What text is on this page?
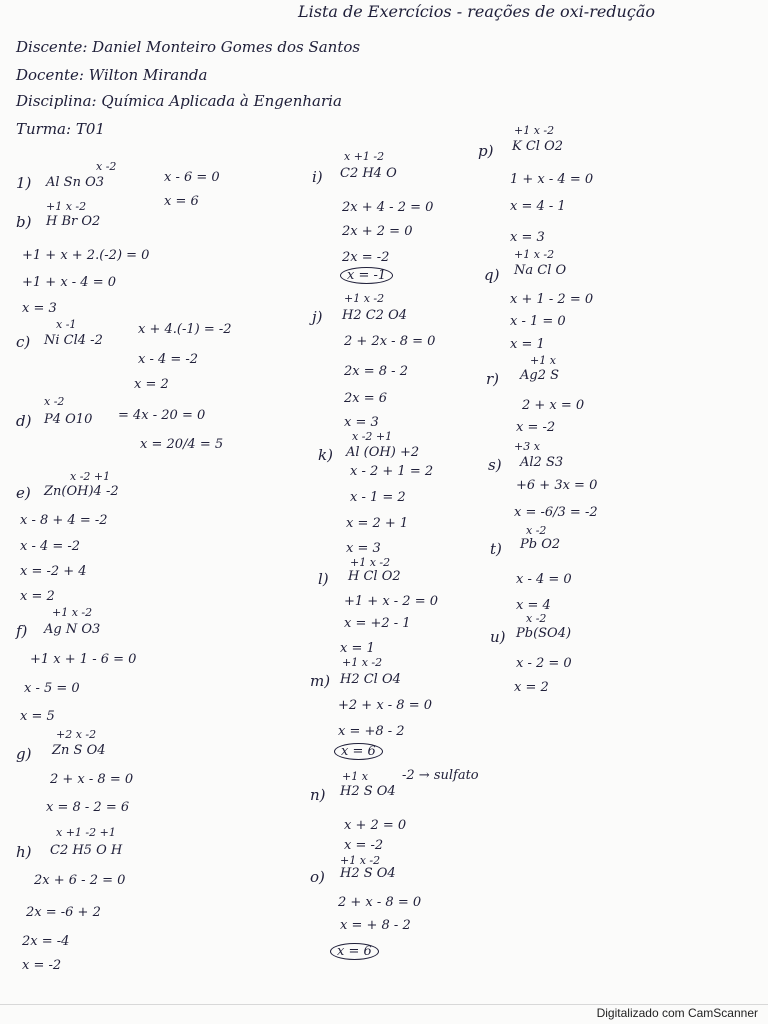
Lista de Exercícios - reações de oxi-redução
Discente: Daniel Monteiro Gomes dos Santos
Docente: Wilton Miranda
Disciplina: Química Aplicada à Engenharia
Turma: T01
x -2
1) Al Sn O3	x - 6 = 0
x = 6
+1 x -2
b) H Br O2
+1 + x + 2.(-2) = 0
+1 + x - 4 = 0
x = 3
x -1
c) Ni Cl4 -2
x + 4.(-1) = -2
x - 4 = -2
x = 2
x -2
d) P4 O10 = 4x - 20 = 0
x = 20/4 = 5
x -2 +1
e) Zn(OH)4 -2
x - 8 + 4 = -2
x - 4 = -2
x = -2 + 4
x = 2
+1 x -2
f) Ag N O3
+1 x + 1 - 6 = 0
x - 5 = 0
x = 5
+2 x -2
g) Zn S O4
2 + x - 8 = 0
x = 8 - 2 = 6
x +1 -2 +1
h) C2 H5 O H
2x + 6 - 2 = 0
2x = -6 + 2
2x = -4
x = -2
x +1 -2
i) C2 H4 O
2x + 4 - 2 = 0
2x + 2 = 0
2x = -2
x = -1
+1 x -2
j) H2 C2 O4
2 + 2x - 8 = 0
2x = 8 - 2
2x = 6
x = 3
x -2 +1
k) Al (OH) +2
x - 2 + 1 = 2
x - 1 = 2
x = 2 + 1
x = 3
+1 x -2
l) H Cl O2
+1 + x - 2 = 0
x = +2 - 1
x = 1
+1 x -2
m) H2 Cl O4
+2 + x - 8 = 0
x = +8 - 2
x = 6
+1 x
n) H2 S O4
-2 → sulfato
x + 2 = 0
x = -2
+1 x -2
o) H2 S O4
2 + x - 8 = 0
x = + 8 - 2
x = 6
+1 x -2
p) K Cl O2
1 + x - 4 = 0
x = 4 - 1
x = 3
+1 x -2
q) Na Cl O
x + 1 - 2 = 0
x - 1 = 0
x = 1
+1 x
r) Ag2 S
2 + x = 0
x = -2
+3 x
s) Al2 S3
+6 + 3x = 0
x = -6/3 = -2
x -2
t) Pb O2
x - 4 = 0
x = 4
x -2
u) Pb(SO4)
x - 2 = 0
x = 2
Digitalizado com CamScanner
